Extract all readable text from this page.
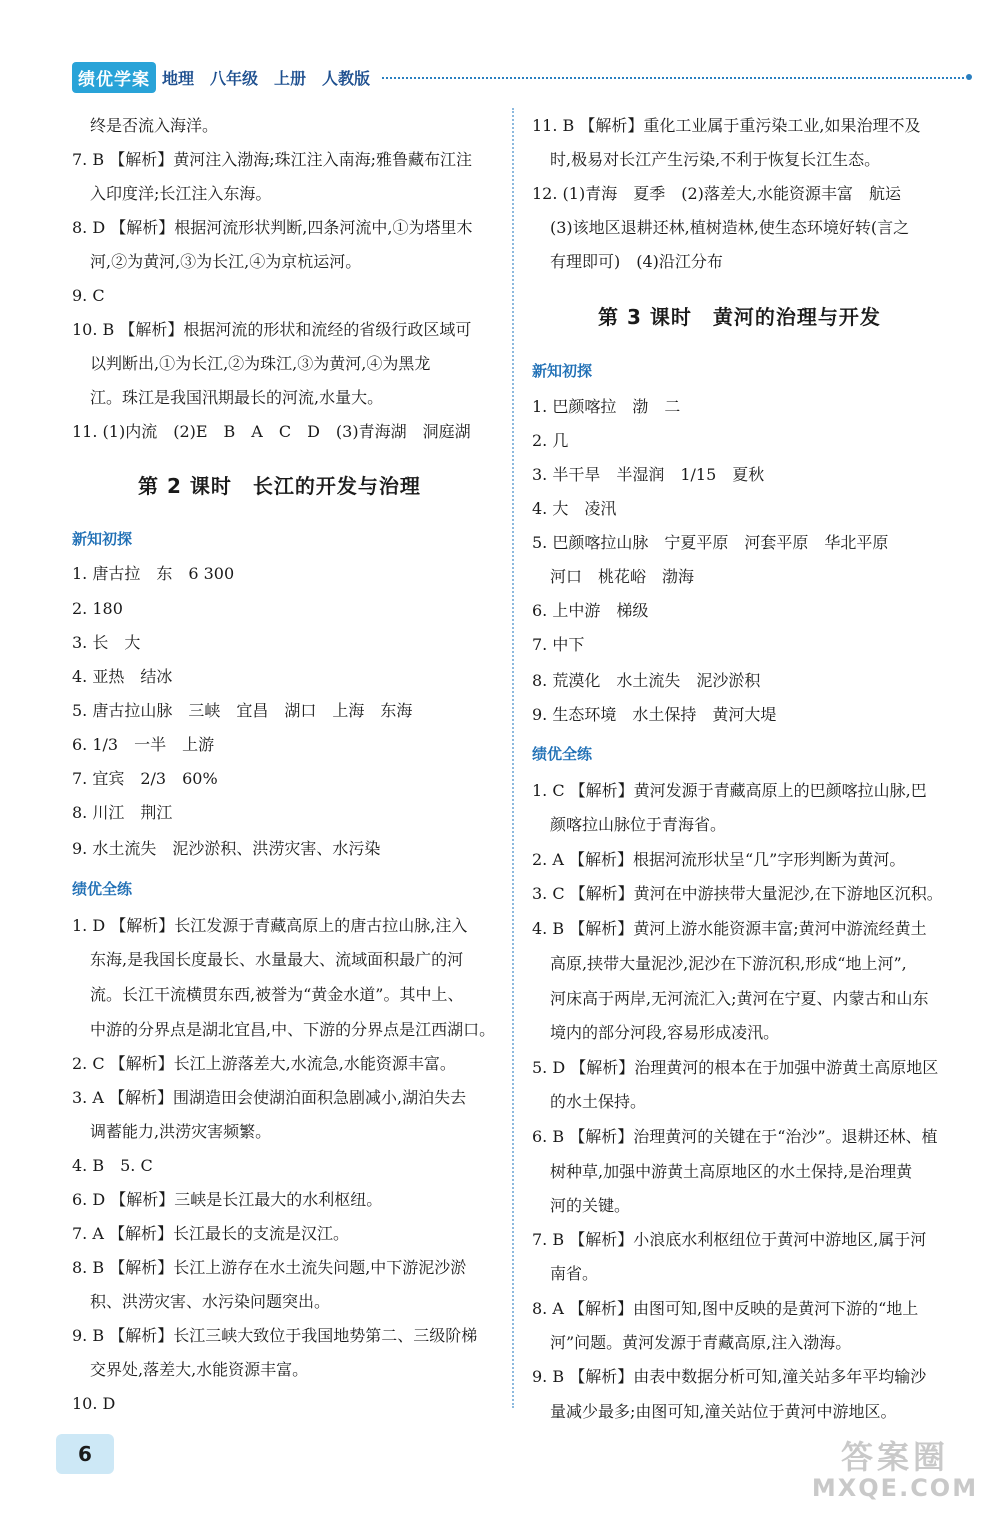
绩优学案 地理　八年级　上册　人教版
终是否流入海洋。
7. B 【解析】黄河注入渤海;珠江注入南海;雅鲁藏布江注
入印度洋;长江注入东海。
8. D 【解析】根据河流形状判断,四条河流中,①为塔里木
河,②为黄河,③为长江,④为京杭运河。
9. C
10. B 【解析】根据河流的形状和流经的省级行政区域可
以判断出,①为长江,②为珠江,③为黄河,④为黑龙
江。珠江是我国汛期最长的河流,水量大。
11. (1)内流　(2)E　B　A　C　D　(3)青海湖　洞庭湖
第 2 课时　长江的开发与治理
新知初探
1. 唐古拉　东　6 300
2. 180
3. 长　大
4. 亚热　结冰
5. 唐古拉山脉　三峡　宜昌　湖口　上海　东海
6. 1/3　一半　上游
7. 宜宾　2/3　60%
8. 川江　荆江
9. 水土流失　泥沙淤积、洪涝灾害、水污染
绩优全练
1. D 【解析】长江发源于青藏高原上的唐古拉山脉,注入
东海,是我国长度最长、水量最大、流域面积最广的河
流。长江干流横贯东西,被誉为“黄金水道”。其中上、
中游的分界点是湖北宜昌,中、下游的分界点是江西湖口。
2. C 【解析】长江上游落差大,水流急,水能资源丰富。
3. A 【解析】围湖造田会使湖泊面积急剧减小,湖泊失去
调蓄能力,洪涝灾害频繁。
4. B　5. C
6. D 【解析】三峡是长江最大的水利枢纽。
7. A 【解析】长江最长的支流是汉江。
8. B 【解析】长江上游存在水土流失问题,中下游泥沙淤
积、洪涝灾害、水污染问题突出。
9. B 【解析】长江三峡大致位于我国地势第二、三级阶梯
交界处,落差大,水能资源丰富。
10. D
11. B 【解析】重化工业属于重污染工业,如果治理不及
时,极易对长江产生污染,不利于恢复长江生态。
12. (1)青海　夏季　(2)落差大,水能资源丰富　航运
(3)该地区退耕还林,植树造林,使生态环境好转(言之
有理即可)　(4)沿江分布
第 3 课时　黄河的治理与开发
新知初探
1. 巴颜喀拉　渤　二
2. 几
3. 半干旱　半湿润　1/15　夏秋
4. 大　凌汛
5. 巴颜喀拉山脉　宁夏平原　河套平原　华北平原
河口　桃花峪　渤海
6. 上中游　梯级
7. 中下
8. 荒漠化　水土流失　泥沙淤积
9. 生态环境　水土保持　黄河大堤
绩优全练
1. C 【解析】黄河发源于青藏高原上的巴颜喀拉山脉,巴
颜喀拉山脉位于青海省。
2. A 【解析】根据河流形状呈“几”字形判断为黄河。
3. C 【解析】黄河在中游挟带大量泥沙,在下游地区沉积。
4. B 【解析】黄河上游水能资源丰富;黄河中游流经黄土
高原,挟带大量泥沙,泥沙在下游沉积,形成“地上河”,
河床高于两岸,无河流汇入;黄河在宁夏、内蒙古和山东
境内的部分河段,容易形成凌汛。
5. D 【解析】治理黄河的根本在于加强中游黄土高原地区
的水土保持。
6. B 【解析】治理黄河的关键在于“治沙”。退耕还林、植
树种草,加强中游黄土高原地区的水土保持,是治理黄
河的关键。
7. B 【解析】小浪底水利枢纽位于黄河中游地区,属于河
南省。
8. A 【解析】由图可知,图中反映的是黄河下游的“地上
河”问题。黄河发源于青藏高原,注入渤海。
9. B 【解析】由表中数据分析可知,潼关站多年平均输沙
量减少最多;由图可知,潼关站位于黄河中游地区。
6	答案圈
MXQE.COM
